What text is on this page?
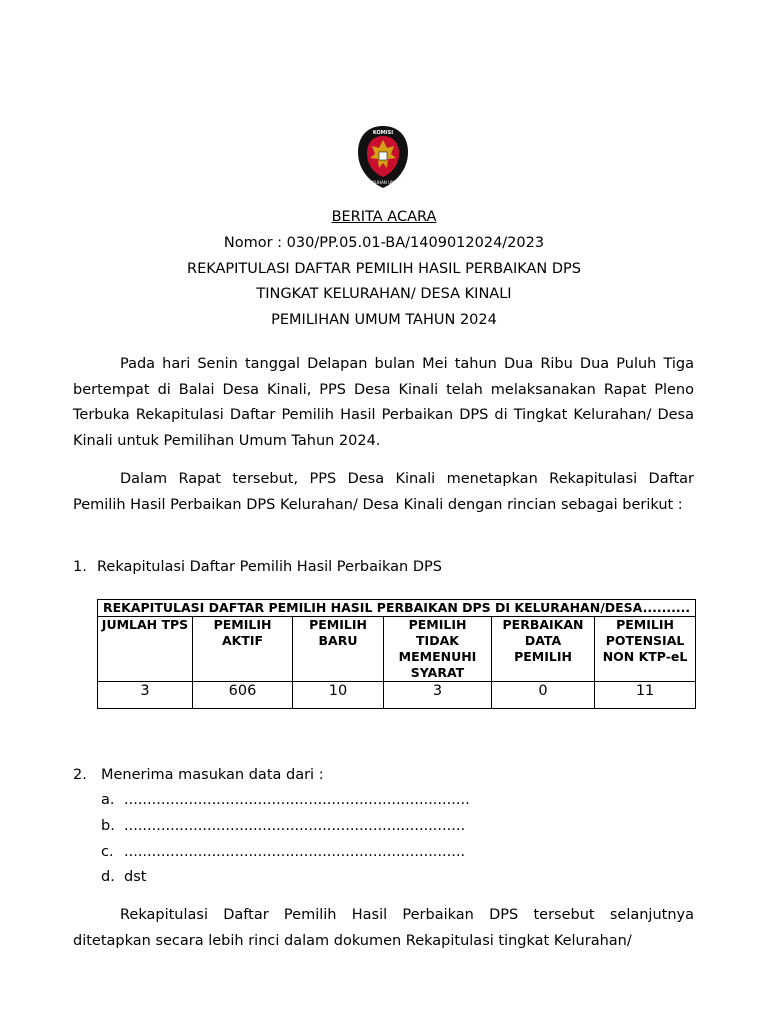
KOMISI
PEMILIHAN UMUM
BERITA ACARA
Nomor : 030/PP.05.01-BA/1409012024/2023
REKAPITULASI DAFTAR PEMILIH HASIL PERBAIKAN DPS
TINGKAT KELURAHAN/ DESA KINALI
PEMILIHAN UMUM TAHUN 2024

Pada hari Senin tanggal Delapan bulan Mei tahun Dua Ribu Dua Puluh Tiga bertempat di Balai Desa Kinali, PPS Desa Kinali telah melaksanakan Rapat Pleno Terbuka Rekapitulasi Daftar Pemilih Hasil Perbaikan DPS di Tingkat Kelurahan/ Desa Kinali untuk Pemilihan Umum Tahun 2024.

Dalam Rapat tersebut, PPS Desa Kinali menetapkan Rekapitulasi Daftar Pemilih Hasil Perbaikan DPS Kelurahan/ Desa Kinali dengan rincian sebagai berikut :

1. Rekapitulasi Daftar Pemilih Hasil Perbaikan DPS
REKAPITULASI DAFTAR PEMILIH HASIL PERBAIKAN DPS DI KELURAHAN/DESA..........					
JUMLAH TPS	PEMILIH AKTIF	PEMILIH BARU	PEMILIH TIDAK MEMENUHI SYARAT	PERBAIKAN DATA PEMILIH	PEMILIH POTENSIAL NON KTP-eL
3	606	10	3	0	11
2. Menerima masukan data dari :
a. ...........................................................................
b. ..........................................................................
c. ..........................................................................
d. dst

Rekapitulasi Daftar Pemilih Hasil Perbaikan DPS tersebut selanjutnya ditetapkan secara lebih rinci dalam dokumen Rekapitulasi tingkat Kelurahan/
